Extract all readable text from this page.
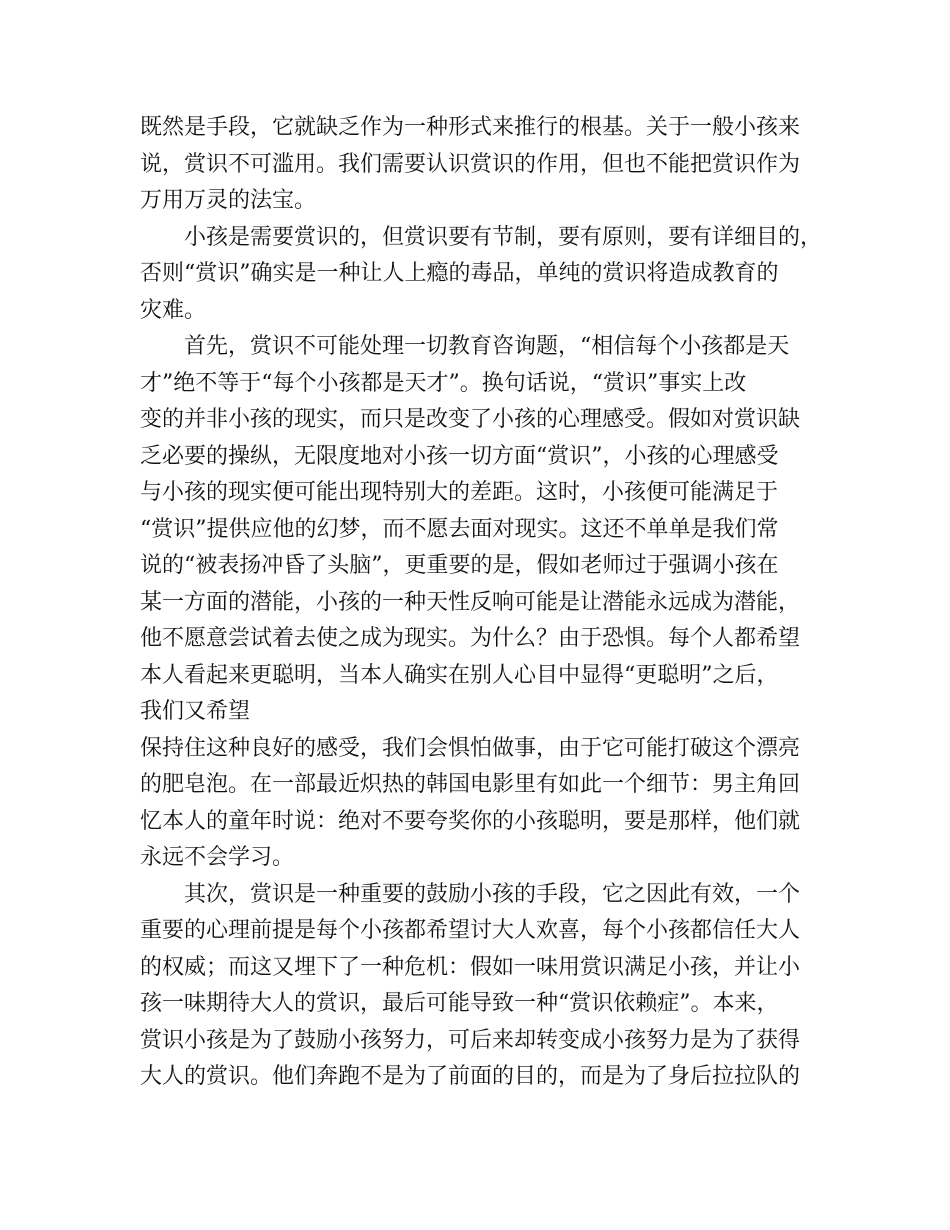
既然是手段，它就缺乏作为一种形式来推行的根基。关于一般小孩来
说，赏识不可滥用。我们需要认识赏识的作用，但也不能把赏识作为
万用万灵的法宝。
小孩是需要赏识的，但赏识要有节制，要有原则，要有详细目的，
否则“赏识”确实是一种让人上瘾的毒品，单纯的赏识将造成教育的
灾难。
首先，赏识不可能处理一切教育咨询题，“相信每个小孩都是天
才”绝不等于“每个小孩都是天才”。换句话说，“赏识”事实上改
变的并非小孩的现实，而只是改变了小孩的心理感受。假如对赏识缺
乏必要的操纵，无限度地对小孩一切方面“赏识”，小孩的心理感受
与小孩的现实便可能出现特别大的差距。这时，小孩便可能满足于
“赏识”提供应他的幻梦，而不愿去面对现实。这还不单单是我们常
说的“被表扬冲昏了头脑”，更重要的是，假如老师过于强调小孩在
某一方面的潜能，小孩的一种天性反响可能是让潜能永远成为潜能，
他不愿意尝试着去使之成为现实。为什么？由于恐惧。每个人都希望
本人看起来更聪明，当本人确实在别人心目中显得“更聪明”之后，
我们又希望
保持住这种良好的感受，我们会惧怕做事，由于它可能打破这个漂亮
的肥皂泡。在一部最近炽热的韩国电影里有如此一个细节：男主角回
忆本人的童年时说：绝对不要夸奖你的小孩聪明，要是那样，他们就
永远不会学习。
其次，赏识是一种重要的鼓励小孩的手段，它之因此有效，一个
重要的心理前提是每个小孩都希望讨大人欢喜，每个小孩都信任大人
的权威；而这又埋下了一种危机：假如一味用赏识满足小孩，并让小
孩一味期待大人的赏识，最后可能导致一种“赏识依赖症”。本来，
赏识小孩是为了鼓励小孩努力，可后来却转变成小孩努力是为了获得
大人的赏识。他们奔跑不是为了前面的目的，而是为了身后拉拉队的
